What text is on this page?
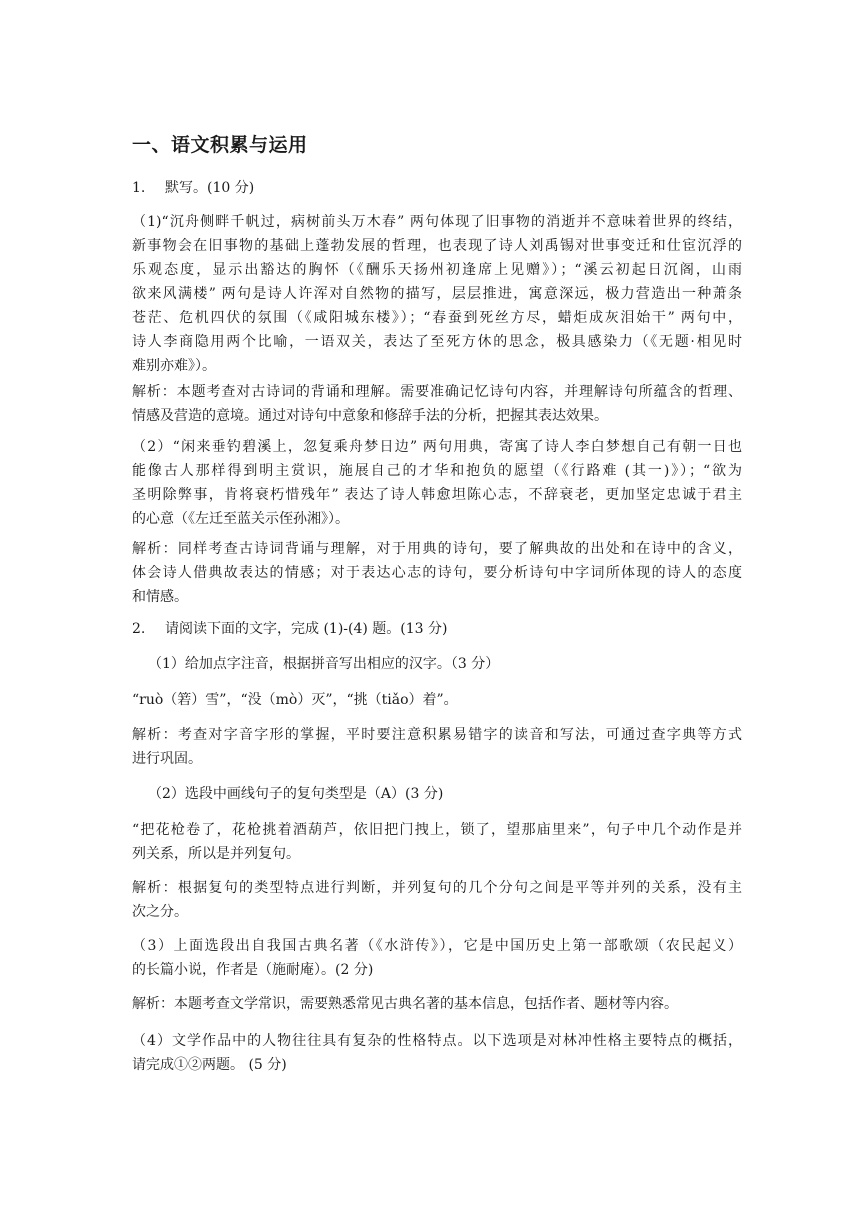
一、语文积累与运用
1. 默写。(10 分)
（1)“沉舟侧畔千帆过，病树前头万木春” 两句体现了旧事物的消逝并不意味着世界的终结，
新事物会在旧事物的基础上蓬勃发展的哲理，也表现了诗人刘禹锡对世事变迁和仕宦沉浮的
乐观态度，显示出豁达的胸怀（《酬乐天扬州初逢席上见赠》）；“溪云初起日沉阁，山雨
欲来风满楼” 两句是诗人许浑对自然物的描写，层层推进，寓意深远，极力营造出一种萧条
苍茫、危机四伏的氛围（《咸阳城东楼》）；“春蚕到死丝方尽，蜡炬成灰泪始干” 两句中，
诗人李商隐用两个比喻，一语双关，表达了至死方休的思念，极具感染力（《无题·相见时
难别亦难》）。
解析：本题考查对古诗词的背诵和理解。需要准确记忆诗句内容，并理解诗句所蕴含的哲理、
情感及营造的意境。通过对诗句中意象和修辞手法的分析，把握其表达效果。
（2）“闲来垂钓碧溪上，忽复乘舟梦日边” 两句用典，寄寓了诗人李白梦想自己有朝一日也
能像古人那样得到明主赏识，施展自己的才华和抱负的愿望（《行路难 (其一)》）；“欲为
圣明除弊事，肯将衰朽惜残年” 表达了诗人韩愈坦陈心志，不辞衰老，更加坚定忠诚于君主
的心意（《左迁至蓝关示侄孙湘》）。
解析：同样考查古诗词背诵与理解，对于用典的诗句，要了解典故的出处和在诗中的含义，
体会诗人借典故表达的情感；对于表达心志的诗句，要分析诗句中字词所体现的诗人的态度
和情感。
2. 请阅读下面的文字，完成 (1)-(4) 题。(13 分)
（1）给加点字注音，根据拼音写出相应的汉字。（3 分）
“ruò（箬）雪”，“没（mò）灭”，“挑（tiǎo）着”。
解析：考查对字音字形的掌握，平时要注意积累易错字的读音和写法，可通过查字典等方式
进行巩固。
（2）选段中画线句子的复句类型是（A）(3 分)
“把花枪卷了，花枪挑着酒葫芦，依旧把门拽上，锁了，望那庙里来”，句子中几个动作是并
列关系，所以是并列复句。
解析：根据复句的类型特点进行判断，并列复句的几个分句之间是平等并列的关系，没有主
次之分。
（3）上面选段出自我国古典名著（《水浒传》），它是中国历史上第一部歌颂（农民起义）
的长篇小说，作者是（施耐庵）。(2 分)
解析：本题考查文学常识，需要熟悉常见古典名著的基本信息，包括作者、题材等内容。
（4）文学作品中的人物往往具有复杂的性格特点。以下选项是对林冲性格主要特点的概括，
请完成①②两题。 (5 分)
